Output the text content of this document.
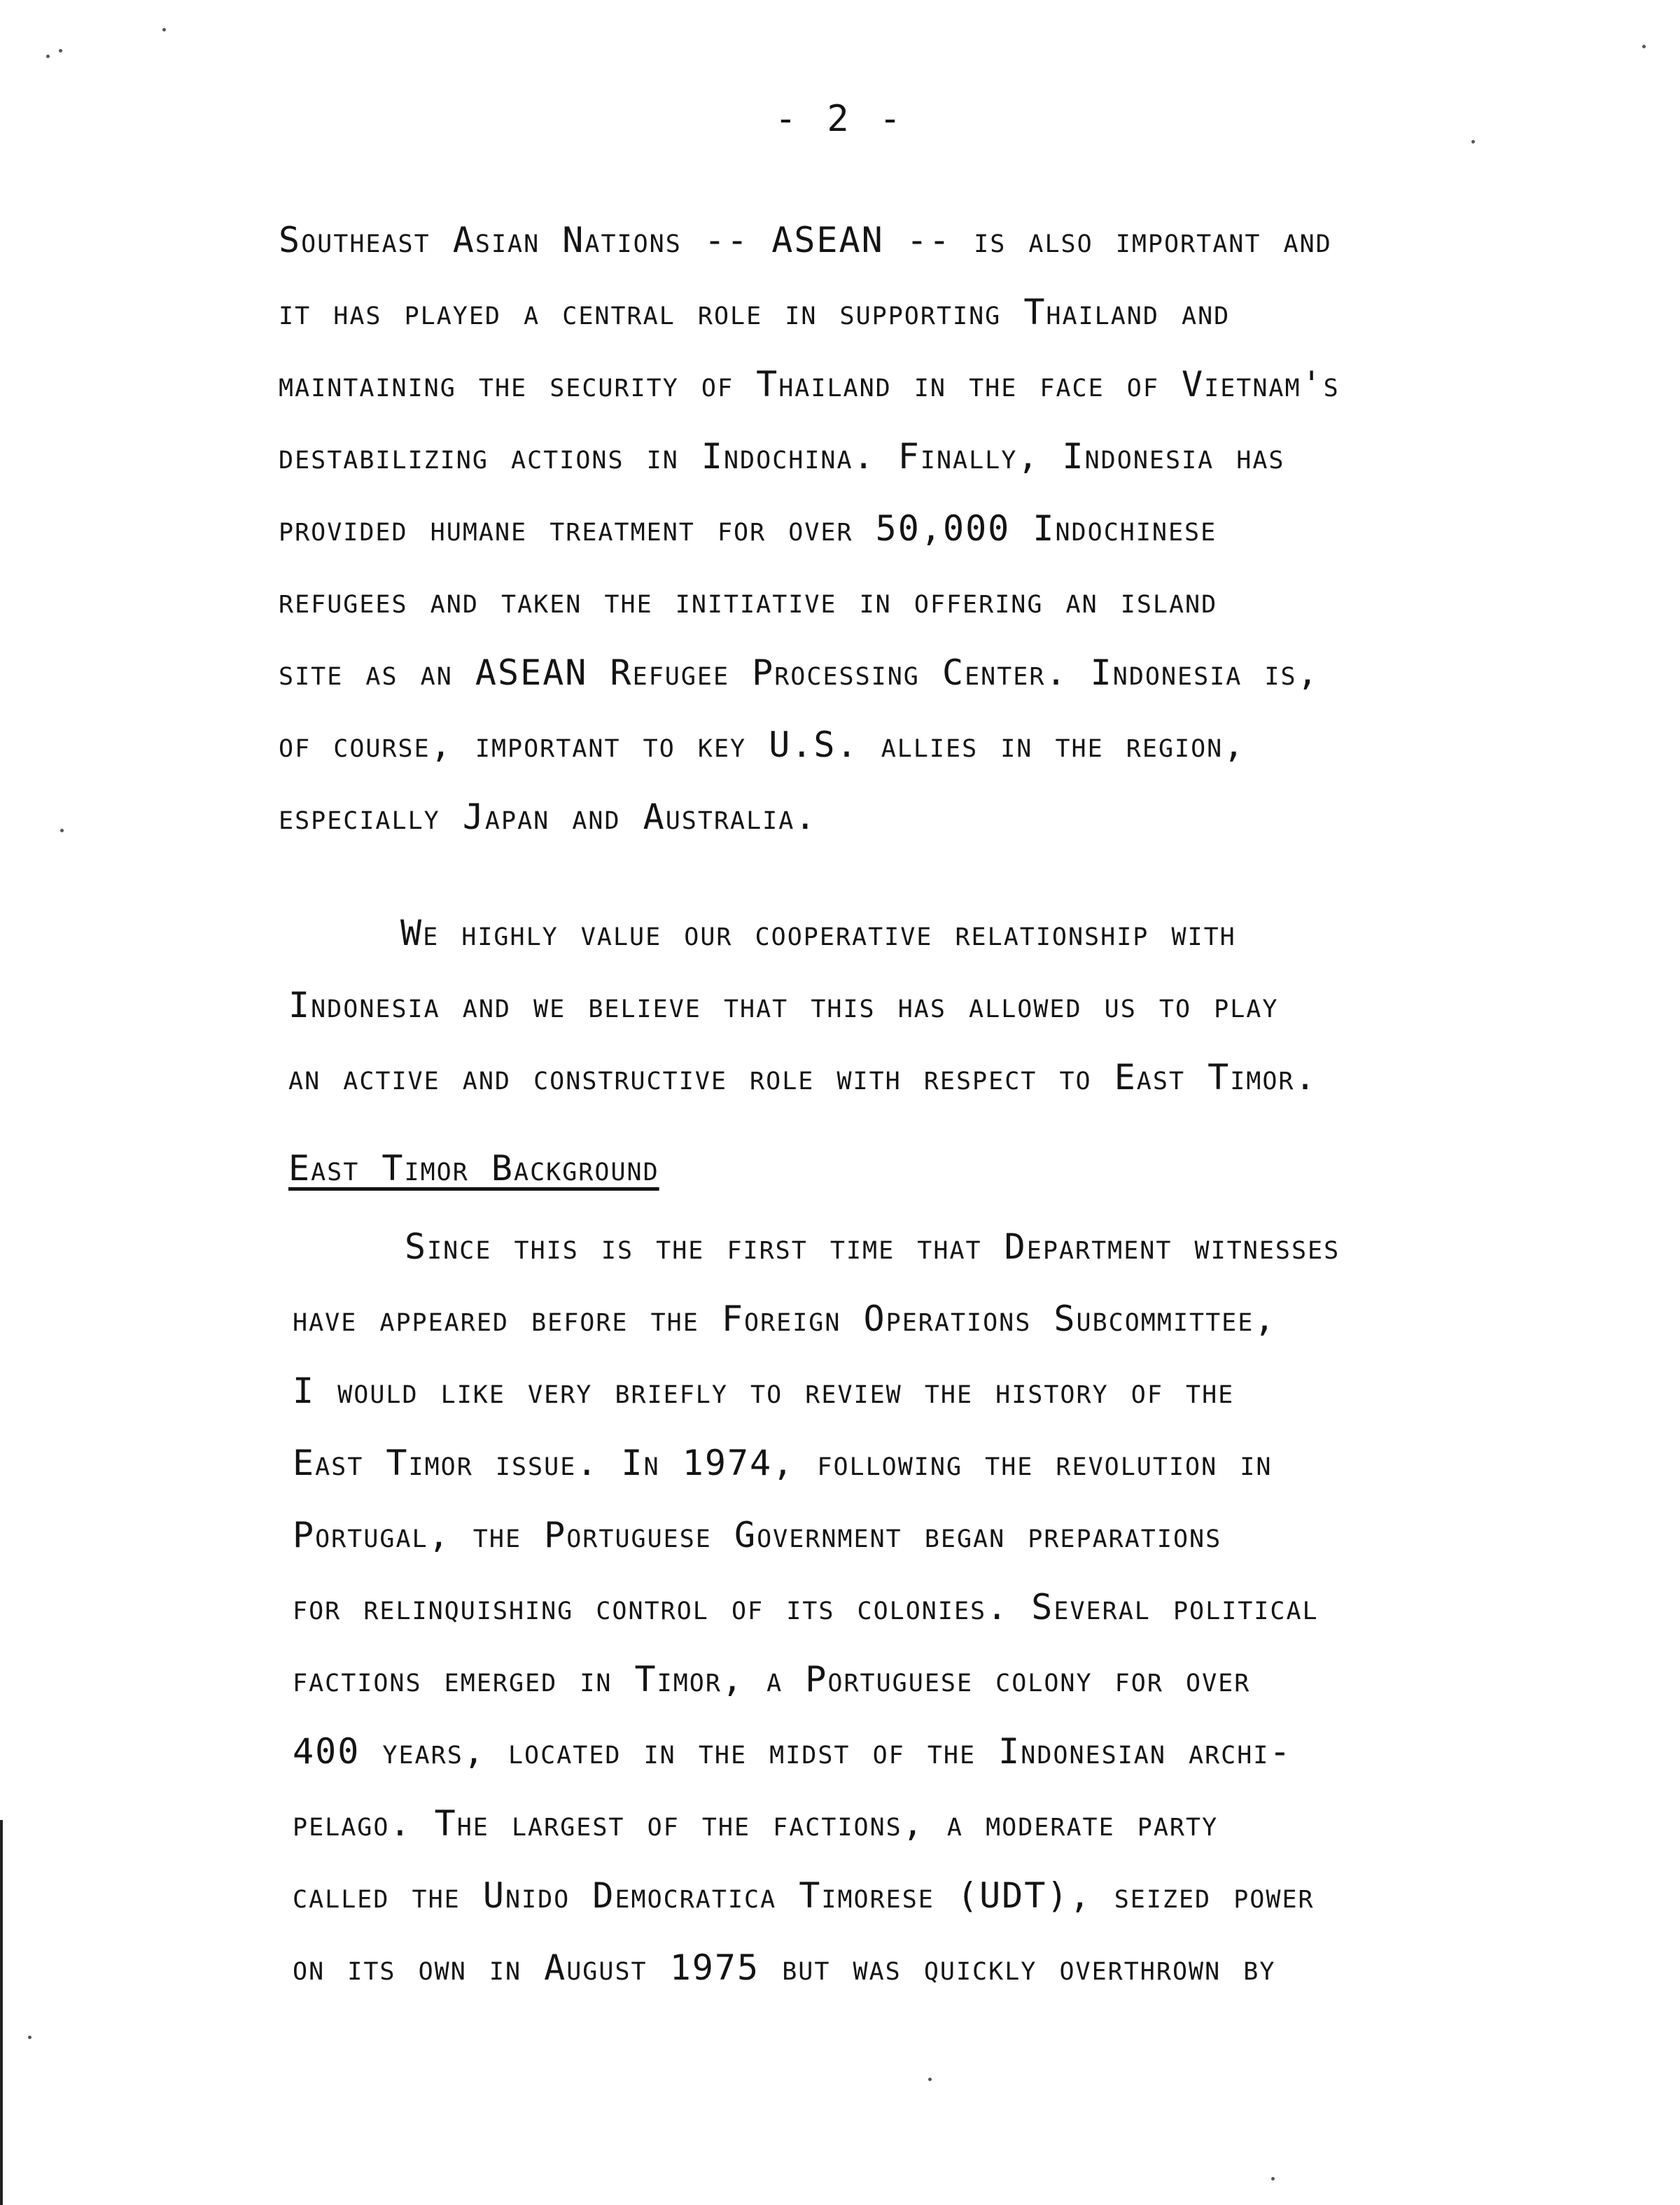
- 2 -
Southeast Asian Nations -- ASEAN -- is also important and
it has played a central role in supporting Thailand and
maintaining the security of Thailand in the face of Vietnam's
destabilizing actions in Indochina. Finally, Indonesia has
provided humane treatment for over 50,000 Indochinese
refugees and taken the initiative in offering an island
site as an ASEAN Refugee Processing Center. Indonesia is,
of course, important to key U.S. allies in the region,
especially Japan and Australia.
We highly value our cooperative relationship with
Indonesia and we believe that this has allowed us to play
an active and constructive role with respect to East Timor.
East Timor Background
Since this is the first time that Department witnesses
have appeared before the Foreign Operations Subcommittee,
I would like very briefly to review the history of the
East Timor issue. In 1974, following the revolution in
Portugal, the Portuguese Government began preparations
for relinquishing control of its colonies. Several political
factions emerged in Timor, a Portuguese colony for over
400 years, located in the midst of the Indonesian archi-
pelago. The largest of the factions, a moderate party
called the Unido Democratica Timorese (UDT), seized power
on its own in August 1975 but was quickly overthrown by
